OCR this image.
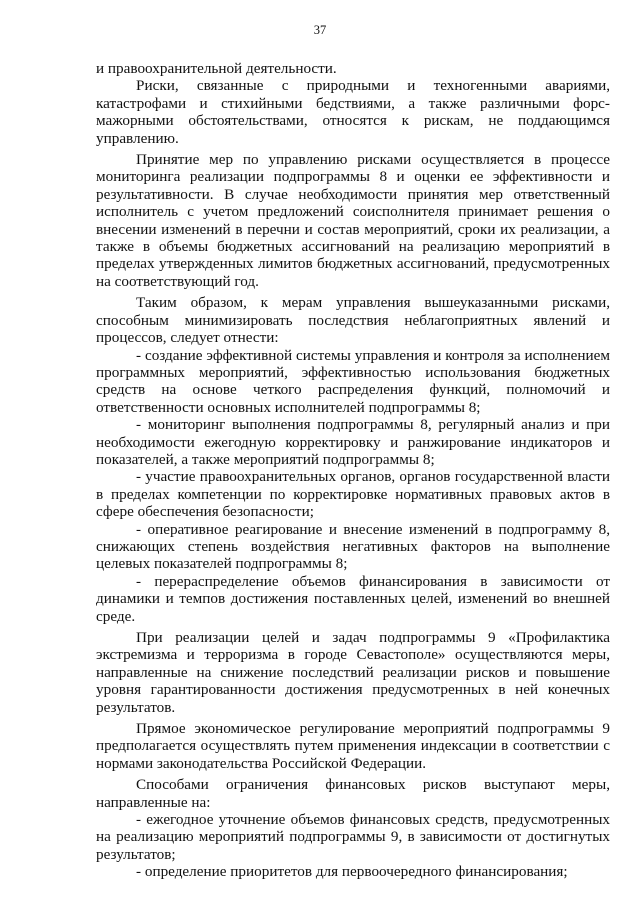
37

и правоохранительной деятельности.

Риски, связанные с природными и техногенными авариями, катастрофами и стихийными бедствиями, а также различными форс-мажорными обстоятельствами, относятся к рискам, не поддающимся управлению.

Принятие мер по управлению рисками осуществляется в процессе мониторинга реализации подпрограммы 8 и оценки ее эффективности и результативности. В случае необходимости принятия мер ответственный исполнитель с учетом предложений соисполнителя принимает решения о внесении изменений в перечни и состав мероприятий, сроки их реализации, а также в объемы бюджетных ассигнований на реализацию мероприятий в пределах утвержденных лимитов бюджетных ассигнований, предусмотренных на соответствующий год.

Таким образом, к мерам управления вышеуказанными рисками, способным минимизировать последствия неблагоприятных явлений и процессов, следует отнести:

- создание эффективной системы управления и контроля за исполнением программных мероприятий, эффективностью использования бюджетных средств на основе четкого распределения функций, полномочий и ответственности основных исполнителей подпрограммы 8;

- мониторинг выполнения подпрограммы 8, регулярный анализ и при необходимости ежегодную корректировку и ранжирование индикаторов и показателей, а также мероприятий подпрограммы 8;

- участие правоохранительных органов, органов государственной власти в пределах компетенции по корректировке нормативных правовых актов в сфере обеспечения безопасности;

- оперативное реагирование и внесение изменений в подпрограмму 8, снижающих степень воздействия негативных факторов на выполнение целевых показателей подпрограммы 8;

- перераспределение объемов финансирования в зависимости от динамики и темпов достижения поставленных целей, изменений во внешней среде.

При реализации целей и задач подпрограммы 9 «Профилактика экстремизма и терроризма в городе Севастополе» осуществляются меры, направленные на снижение последствий реализации рисков и повышение уровня гарантированности достижения предусмотренных в ней конечных результатов.

Прямое экономическое регулирование мероприятий подпрограммы 9 предполагается осуществлять путем применения индексации в соответствии с нормами законодательства Российской Федерации.

Способами ограничения финансовых рисков выступают меры, направленные на:

- ежегодное уточнение объемов финансовых средств, предусмотренных на реализацию мероприятий подпрограммы 9, в зависимости от достигнутых результатов;

- определение приоритетов для первоочередного финансирования;
